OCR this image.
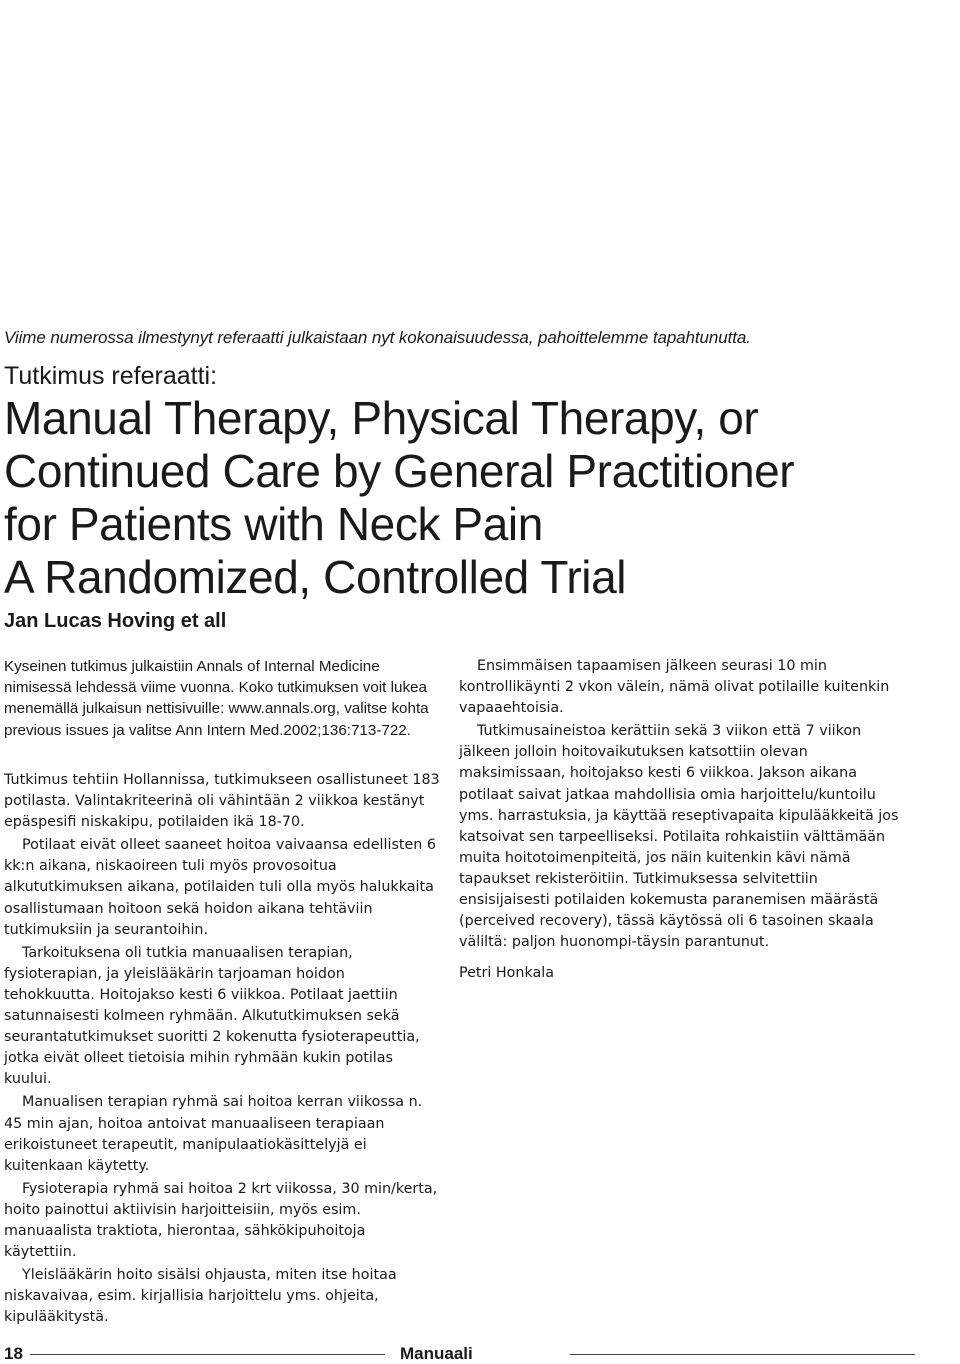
Viime numerossa ilmestynyt referaatti julkaistaan nyt kokonaisuudessa, pahoittelemme tapahtunutta.
Tutkimus referaatti:
Manual Therapy, Physical Therapy, or
Continued Care by General Practitioner
for Patients with Neck Pain
A Randomized, Controlled Trial
Jan Lucas Hoving et all
Kyseinen tutkimus julkaistiin Annals of Internal Medicine nimisessä lehdessä viime vuonna. Koko tutkimuksen voit lukea menemällä julkaisun nettisivuille: www.annals.org, valitse kohta previous issues ja valitse Ann Intern Med.2002;136:713-722.

Tutkimus tehtiin Hollannissa, tutkimukseen osallistuneet 183 potilasta. Valintakriteerinä oli vähintään 2 viikkoa kestänyt epäspesifi niskakipu, potilaiden ikä 18-70.

Potilaat eivät olleet saaneet hoitoa vaivaansa edellisten 6 kk:n aikana, niskaoireen tuli myös provosoitua alkututkimuksen aikana, potilaiden tuli olla myös halukkaita osallistumaan hoitoon sekä hoidon aikana tehtäviin tutkimuksiin ja seurantoihin.

Tarkoituksena oli tutkia manuaalisen terapian, fysioterapian, ja yleislääkärin tarjoaman hoidon tehokkuutta. Hoitojakso kesti 6 viikkoa. Potilaat jaettiin satunnaisesti kolmeen ryhmään. Alkututkimuksen sekä seurantatutkimukset suoritti 2 kokenutta fysioterapeuttia, jotka eivät olleet tietoisia mihin ryhmään kukin potilas kuului.

Manualisen terapian ryhmä sai hoitoa kerran viikossa n. 45 min ajan, hoitoa antoivat manuaaliseen terapiaan erikoistuneet terapeutit, manipulaatiokäsittelyjä ei kuitenkaan käytetty.

Fysioterapia ryhmä sai hoitoa 2 krt viikossa, 30 min/kerta, hoito painottui aktiivisin harjoitteisiin, myös esim. manuaalista traktiota, hierontaa, sähkökipuhoitoja käytettiin.

Yleislääkärin hoito sisälsi ohjausta, miten itse hoitaa niskavaivaa, esim. kirjallisia harjoittelu yms. ohjeita, kipulääkitystä.

Ensimmäisen tapaamisen jälkeen seurasi 10 min kontrollikäynti 2 vkon välein, nämä olivat potilaille kuitenkin vapaaehtoisia.

Tutkimusaineistoa kerättiin sekä 3 viikon että 7 viikon jälkeen jolloin hoitovaikutuksen katsottiin olevan maksimissaan, hoitojakso kesti 6 viikkoa. Jakson aikana potilaat saivat jatkaa mahdollisia omia harjoittelu/kuntoilu yms. harrastuksia, ja käyttää reseptivapaita kipulääkkeitä jos katsoivat sen tarpeelliseksi. Potilaita rohkaistiin välttämään muita hoitotoimenpiteitä, jos näin kuitenkin kävi nämä tapaukset rekisteröitiin. Tutkimuksessa selvitettiin ensisijaisesti potilaiden kokemusta paranemisen määrästä (perceived recovery), tässä käytössä oli 6 tasoinen skaala väliltä: paljon huonompi-täysin parantunut.

Petri Honkala

18	Manuaali
